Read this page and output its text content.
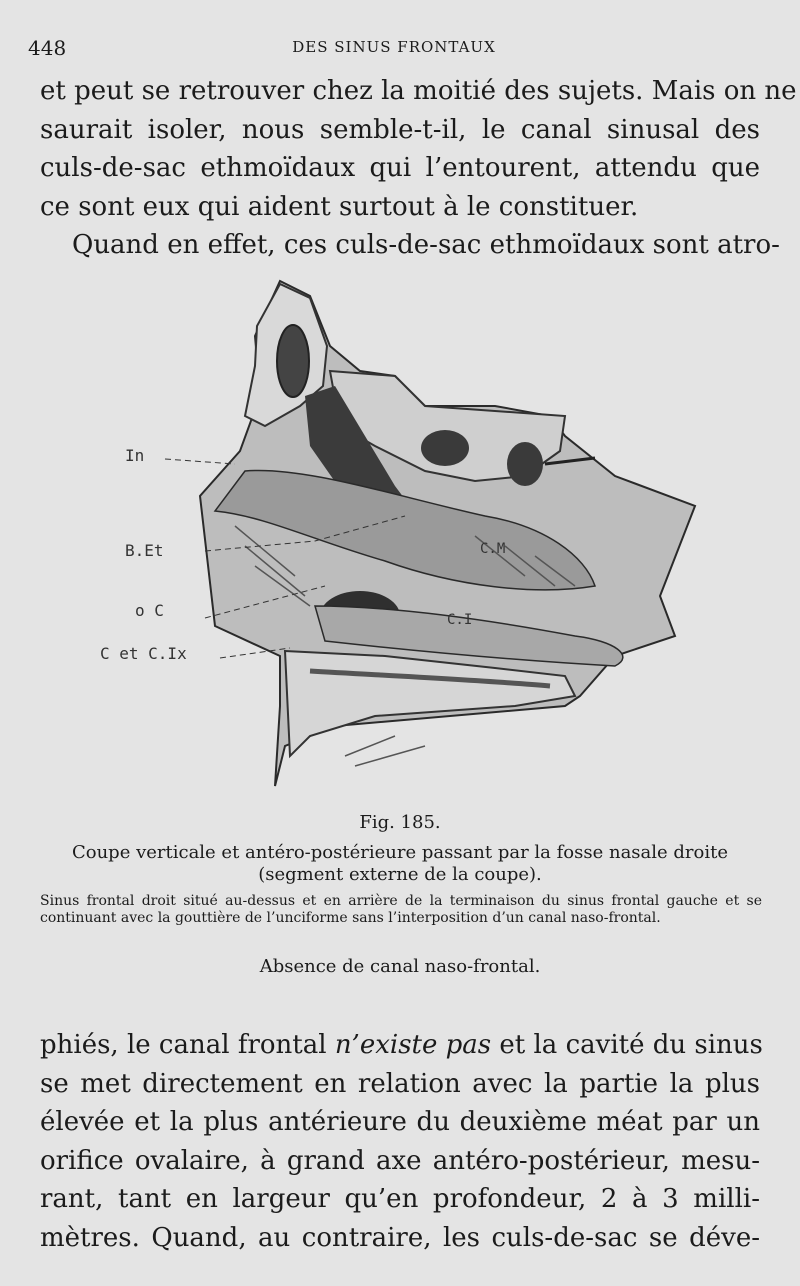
448	DES SINUS FRONTAUX
et peut se retrouver chez la moitié des sujets. Mais on ne
saurait isoler, nous semble-t-il, le canal sinusal des
culs-de-sac ethmoïdaux qui l’entourent, attendu que
ce sont eux qui aident surtout à le constituer.
Quand en effet, ces culs-de-sac ethmoïdaux sont atro-
In
B.Et
o C
C et C.Ix
C.M
C.I
Fig. 185.
Coupe verticale et antéro-postérieure passant par la fosse nasale droite
(segment externe de la coupe).
Sinus frontal droit situé au-dessus et en arrière de la terminaison du sinus frontal gauche et se continuant avec la gouttière de l’unciforme sans l’interposition d’un canal naso-frontal.
Absence de canal naso-frontal.
phiés, le canal frontal n’existe pas et la cavité du sinus
se met directement en relation avec la partie la plus
élevée et la plus antérieure du deuxième méat par un
orifice ovalaire, à grand axe antéro-postérieur, mesu-
rant, tant en largeur qu’en profondeur, 2 à 3 milli-
mètres. Quand, au contraire, les culs-de-sac se déve-
